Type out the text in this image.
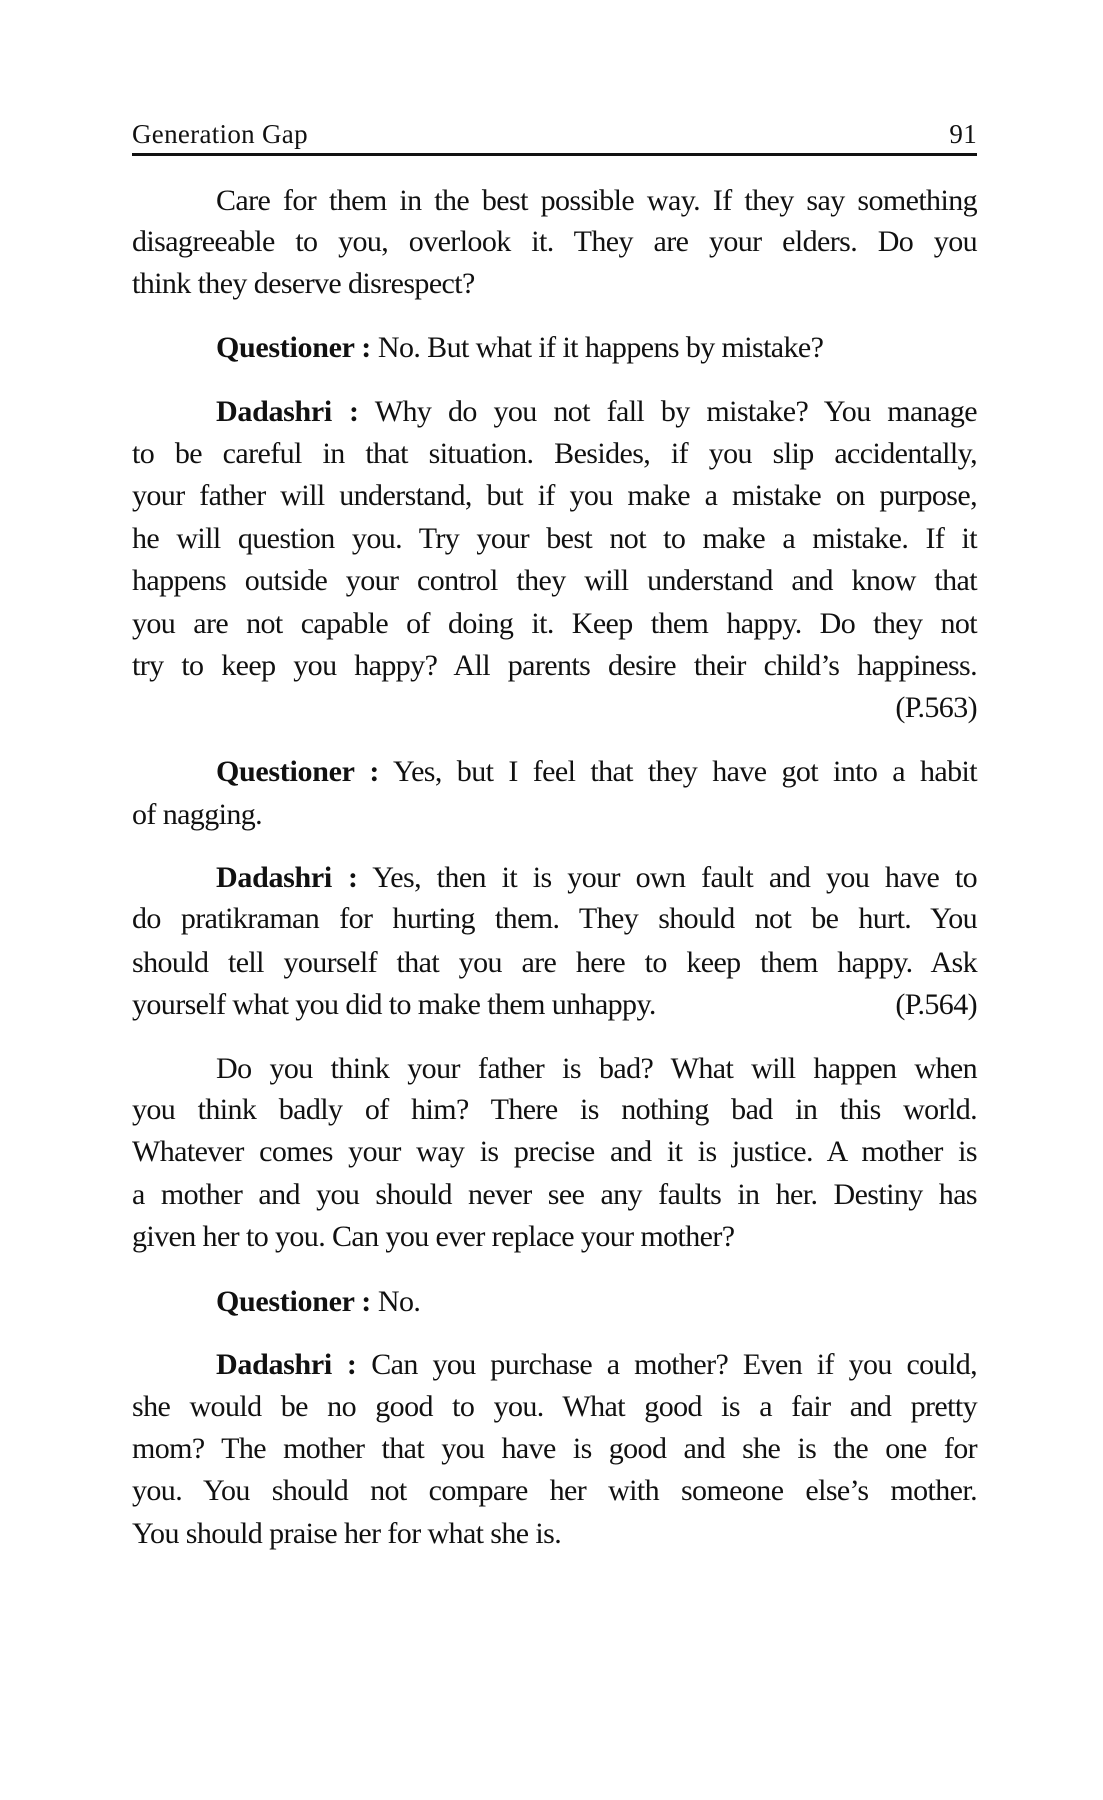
Generation Gap	91
Care for them in the best possible way. If they say something
disagreeable to you, overlook it. They are your elders. Do you
think they deserve disrespect?
Questioner : No. But what if it happens by mistake?
Dadashri : Why do you not fall by mistake? You manage
to be careful in that situation. Besides, if you slip accidentally,
your father will understand, but if you make a mistake on purpose,
he will question you. Try your best not to make a mistake. If it
happens outside your control they will understand and know that
you are not capable of doing it. Keep them happy. Do they not
try to keep you happy? All parents desire their child’s happiness.
(P.563)
Questioner : Yes, but I feel that they have got into a habit
of nagging.
Dadashri : Yes, then it is your own fault and you have to
do pratikraman for hurting them. They should not be hurt. You
should tell yourself that you are here to keep them happy. Ask
(P.564)
yourself what you did to make them unhappy.
Do you think your father is bad? What will happen when
you think badly of him? There is nothing bad in this world.
Whatever comes your way is precise and it is justice. A mother is
a mother and you should never see any faults in her. Destiny has
given her to you. Can you ever replace your mother?
Questioner : No.
Dadashri : Can you purchase a mother? Even if you could,
she would be no good to you. What good is a fair and pretty
mom? The mother that you have is good and she is the one for
you. You should not compare her with someone else’s mother.
You should praise her for what she is.
